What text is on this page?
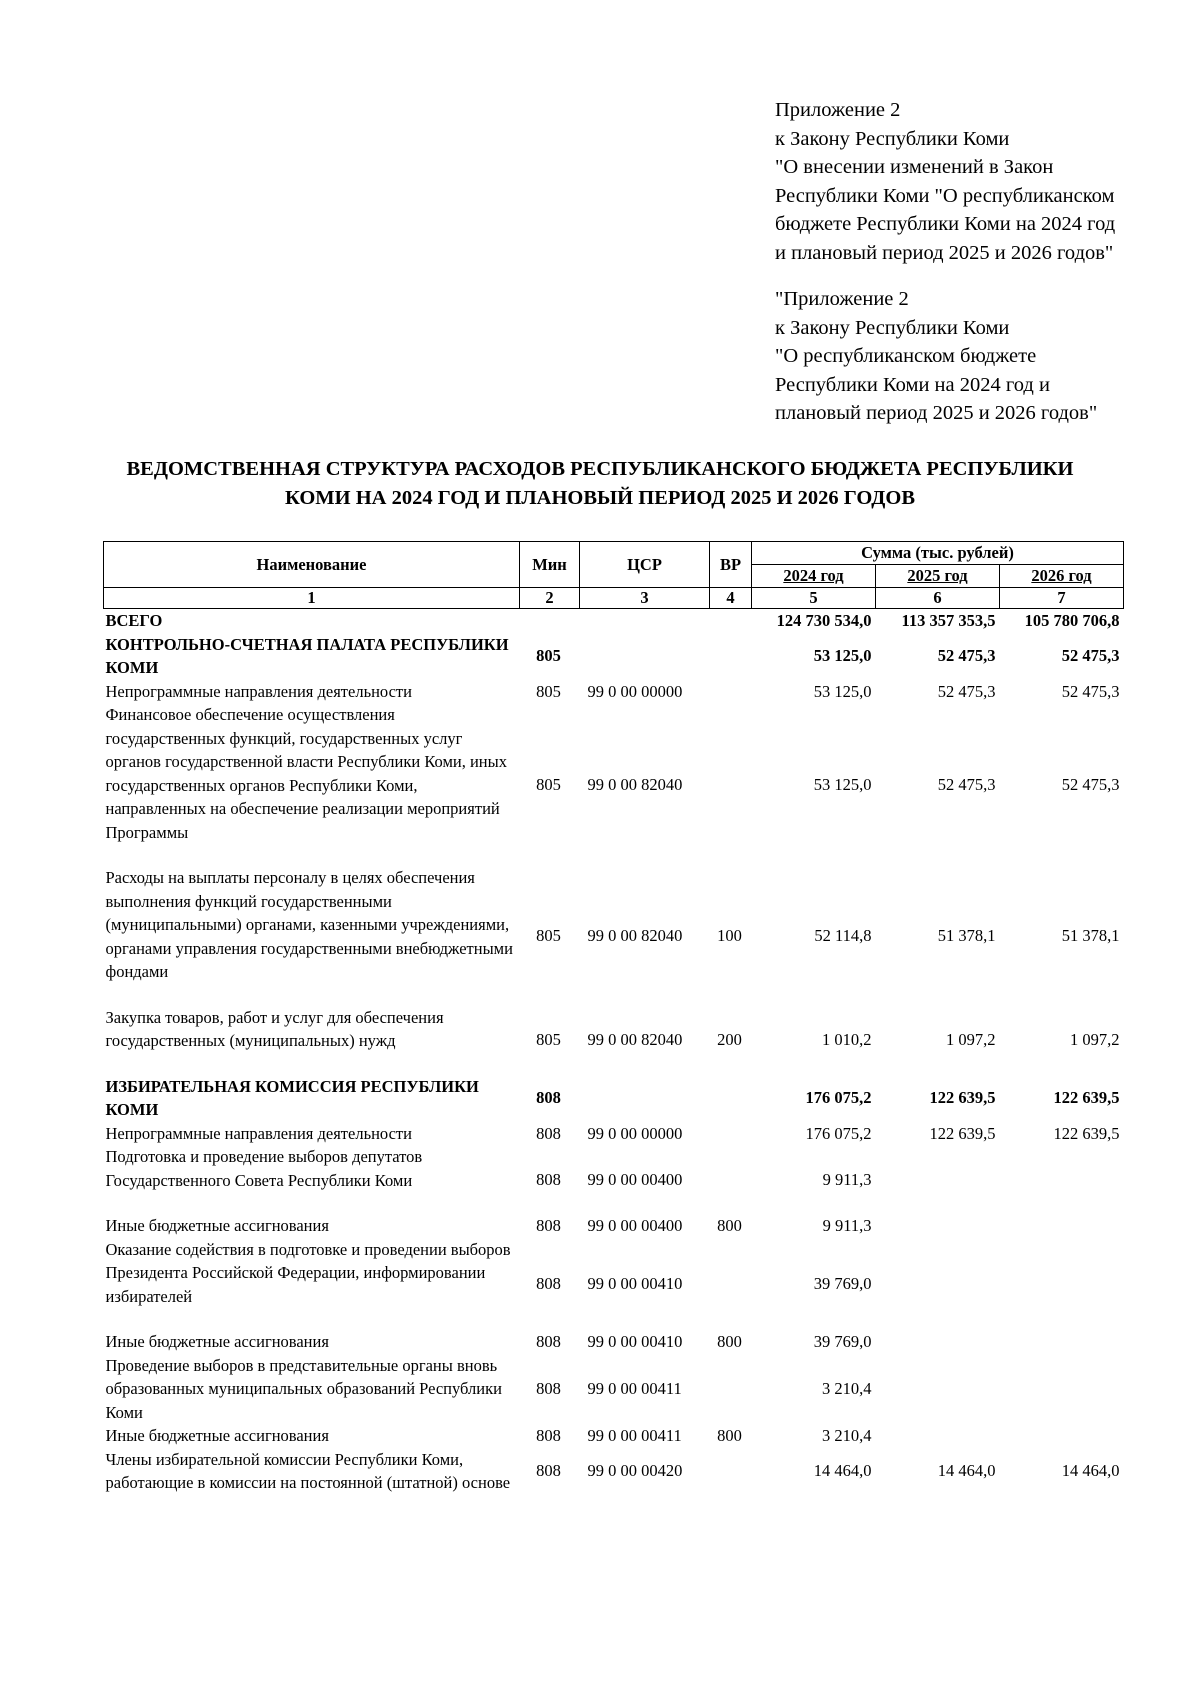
Приложение 2
к Закону Республики Коми
"О внесении изменений в Закон
Республики Коми "О республиканском
бюджете Республики Коми на 2024 год
и плановый период 2025 и 2026 годов"
"Приложение 2
к Закону Республики Коми
"О республиканском бюджете
Республики Коми на 2024 год и
плановый период 2025 и 2026 годов"
ВЕДОМСТВЕННАЯ СТРУКТУРА РАСХОДОВ РЕСПУБЛИКАНСКОГО БЮДЖЕТА РЕСПУБЛИКИ
КОМИ НА 2024 ГОД И ПЛАНОВЫЙ ПЕРИОД 2025 И 2026 ГОДОВ
Наименование	Мин	ЦСР	ВР	Сумма (тыс. рублей)		
				2024 год	2025 год	2026 год
1	2	3	4	5	6	7
ВСЕГО				124 730 534,0	113 357 353,5	105 780 706,8
КОНТРОЛЬНО-СЧЕТНАЯ ПАЛАТА РЕСПУБЛИКИ КОМИ	805			53 125,0	52 475,3	52 475,3
Непрограммные направления деятельности	805	99 0 00 00000		53 125,0	52 475,3	52 475,3
Финансовое обеспечение осуществления государственных функций, государственных услуг органов государственной власти Республики Коми, иных государственных органов Республики Коми, направленных на обеспечение реализации мероприятий Программы	805	99 0 00 82040		53 125,0	52 475,3	52 475,3
Расходы на выплаты персоналу в целях обеспечения выполнения функций государственными (муниципальными) органами, казенными учреждениями, органами управления государственными внебюджетными фондами	805	99 0 00 82040	100	52 114,8	51 378,1	51 378,1
Закупка товаров, работ и услуг для обеспечения государственных (муниципальных) нужд	805	99 0 00 82040	200	1 010,2	1 097,2	1 097,2
ИЗБИРАТЕЛЬНАЯ КОМИССИЯ РЕСПУБЛИКИ КОМИ	808			176 075,2	122 639,5	122 639,5
Непрограммные направления деятельности	808	99 0 00 00000		176 075,2	122 639,5	122 639,5
Подготовка и проведение выборов депутатов Государственного Совета Республики Коми	808	99 0 00 00400		9 911,3		
Иные бюджетные ассигнования	808	99 0 00 00400	800	9 911,3		
Оказание содействия в подготовке и проведении выборов Президента Российской Федерации, информировании избирателей	808	99 0 00 00410		39 769,0		
Иные бюджетные ассигнования	808	99 0 00 00410	800	39 769,0		
Проведение выборов в представительные органы вновь образованных муниципальных образований Республики Коми	808	99 0 00 00411		3 210,4		
Иные бюджетные ассигнования	808	99 0 00 00411	800	3 210,4		
Члены избирательной комиссии Республики Коми, работающие в комиссии на постоянной (штатной) основе	808	99 0 00 00420		14 464,0	14 464,0	14 464,0
